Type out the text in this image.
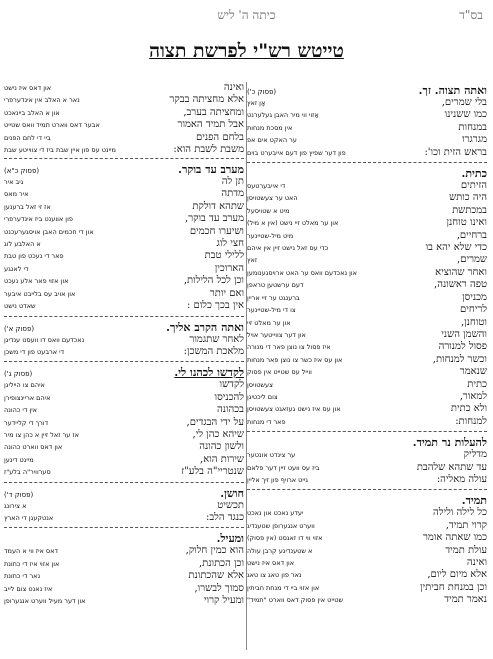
בס"ד
כיתה ה' ליש
טייטש רש"י לפרשת תצוה
ואתה תצוה. זך.
(פסוק כ')
בלי שמרים,
אָן זאץ
כמו ששנינו
אַזוי ווי מיר האבן געלערנט
במנחות
אין מסכת מנחות
מגרגרו
ער האקט אים אפ
בראש הזית וכו':
פון דער שפיץ פון דעם אייבערט בוים
כתית.
הזיתים
די אייבערטעס
היה כותש
האט ער צעשטויסן
במכתשת
מיט א שטויסעל
ואינו טוחנן
און ער מאלט זיי נישט (אין א מיל)
ברחיים,
מיט מיל-שטיינער
כדי שלא יהא בו
כדי עס זאל נישט זיין אין איהם
שמרים,
זאץ
ואחר שהוציא
און נאכדעם וואס ער האט ארויסגענומען
טפה ראשונה,
דעם ערשטען טראפן
מכניסן
ברענגט ער זיי אריין
לריחים
צו די מיל-שטיינער
וטוחנן,
און ער מאלט זיי
והשמן השני
און דער צווייטער אויל
פסול למנורה
איז פסול צו נוצן פאר די מנורה
וכשר למנחות,
און עס איז כשר צו נוצן פאר מנחות
שנאמר
ווייל עס שטייט אין פסוק
כתית
צעשטויסן
למאור,
צום ליכטיגן
ולא כתית
און עס איז נישט געזאגט צעשטויסן
למנחות:
פאר די מנחות
להעלות נר תמיד.
מדליק
ער צינדט אונטער
עד שתהא שלהבת
ביז עס וועט זיין דער פלאם
עולה מאליה:
גייט ארויף פון זיך אליין
תמיד.
כל לילה ולילה
יעדע נאכט און נאכט
קרוי תמיד,
ווערט אנגערופן שטענדיג
כמו שאתה אומר
אזוי ווי דו זאגסט (אין פסוק)
עולת תמיד
א שטענדיגע קרבן עולה
ואינה
און דאס איז נישט
אלא מיום ליום,
נאר פון טאג צו טאג
וכן במנחת חביתין
און אזוי ביי די מנחת חביתין
נאמר תמיד
שטייט אין פסוק דאס ווארט "תמיד"
ואינה
און דאס איז נישט
אלא מחציתה בבקר
נאר א האלב אין אינדערפרי
ומחציתה בערב,
און א האלב ביינאכט
אבל תמיד האמור
אבער דאס ווארט תמיד וואס שטייט
בלחם הפנים
ביי די לחם הפנים
משבת לשבת הוא:
מיינט עס פון איין שבת ביז די צווייטע שבת
מערב עד בוקר.
(פסוק כ"א)
תן לה
גיב איר
מדתה
איר מאס
שתהא דולקת
אז זי זאל ברענען
מערב עד בוקר,
פון אווענט ביז אינדערפרי
ושיערו חכמים
און די חכמים האבן אויסגערעכנט
חצי לוג
א האלבע לוג
ללילי טבת
פאר די נעכט פון טבת
הארוכין
די לאנגע
וכן לכל הלילות,
און אזוי פאר אלע נעכט
ואם יותר
און אויב עס בלייבט איבער
אין בכך כלום :
שאדט נישט
ואתה הקרב אליך.
(פסוק א')
לאחר שתגמור
נאכדעם וואס דו וועסט ענדיגן
מלאכת המשכן:
די ארבעט פון די משכן
לקדשו לכהנו לי.
(פסוק ג')
לקדשו
איהם צו הייליגן
להכניסו
איהם אריינצופירן
בכהונה
אין די כהונה
על ידי הבגדים,
דורך די קליידער
שיהא כהן לי,
אז ער זאל זיין א כהן צו מיר
ולשון כהונה
און דאס ווארט כהונה
שירות הוא,
מיינט דינען
שנטריי"ה בלע"ז
סערוויר"ה בלע"ז
חושן.
(פסוק ד')
תכשיט
א צירונג
כנגד הלב:
אנטקעגן די הארץ
ומעיל.
הוא כמין חלוק,
דאס איז ווי א העמד
וכן הכתונת,
און אזוי איז די כתונת
אלא שהכתונת
נאר די כתונת
סמוך לבשרו,
איז נאנט צום לייב
ומעיל קרוי
און דער מעיל ווערט אנגערופן
